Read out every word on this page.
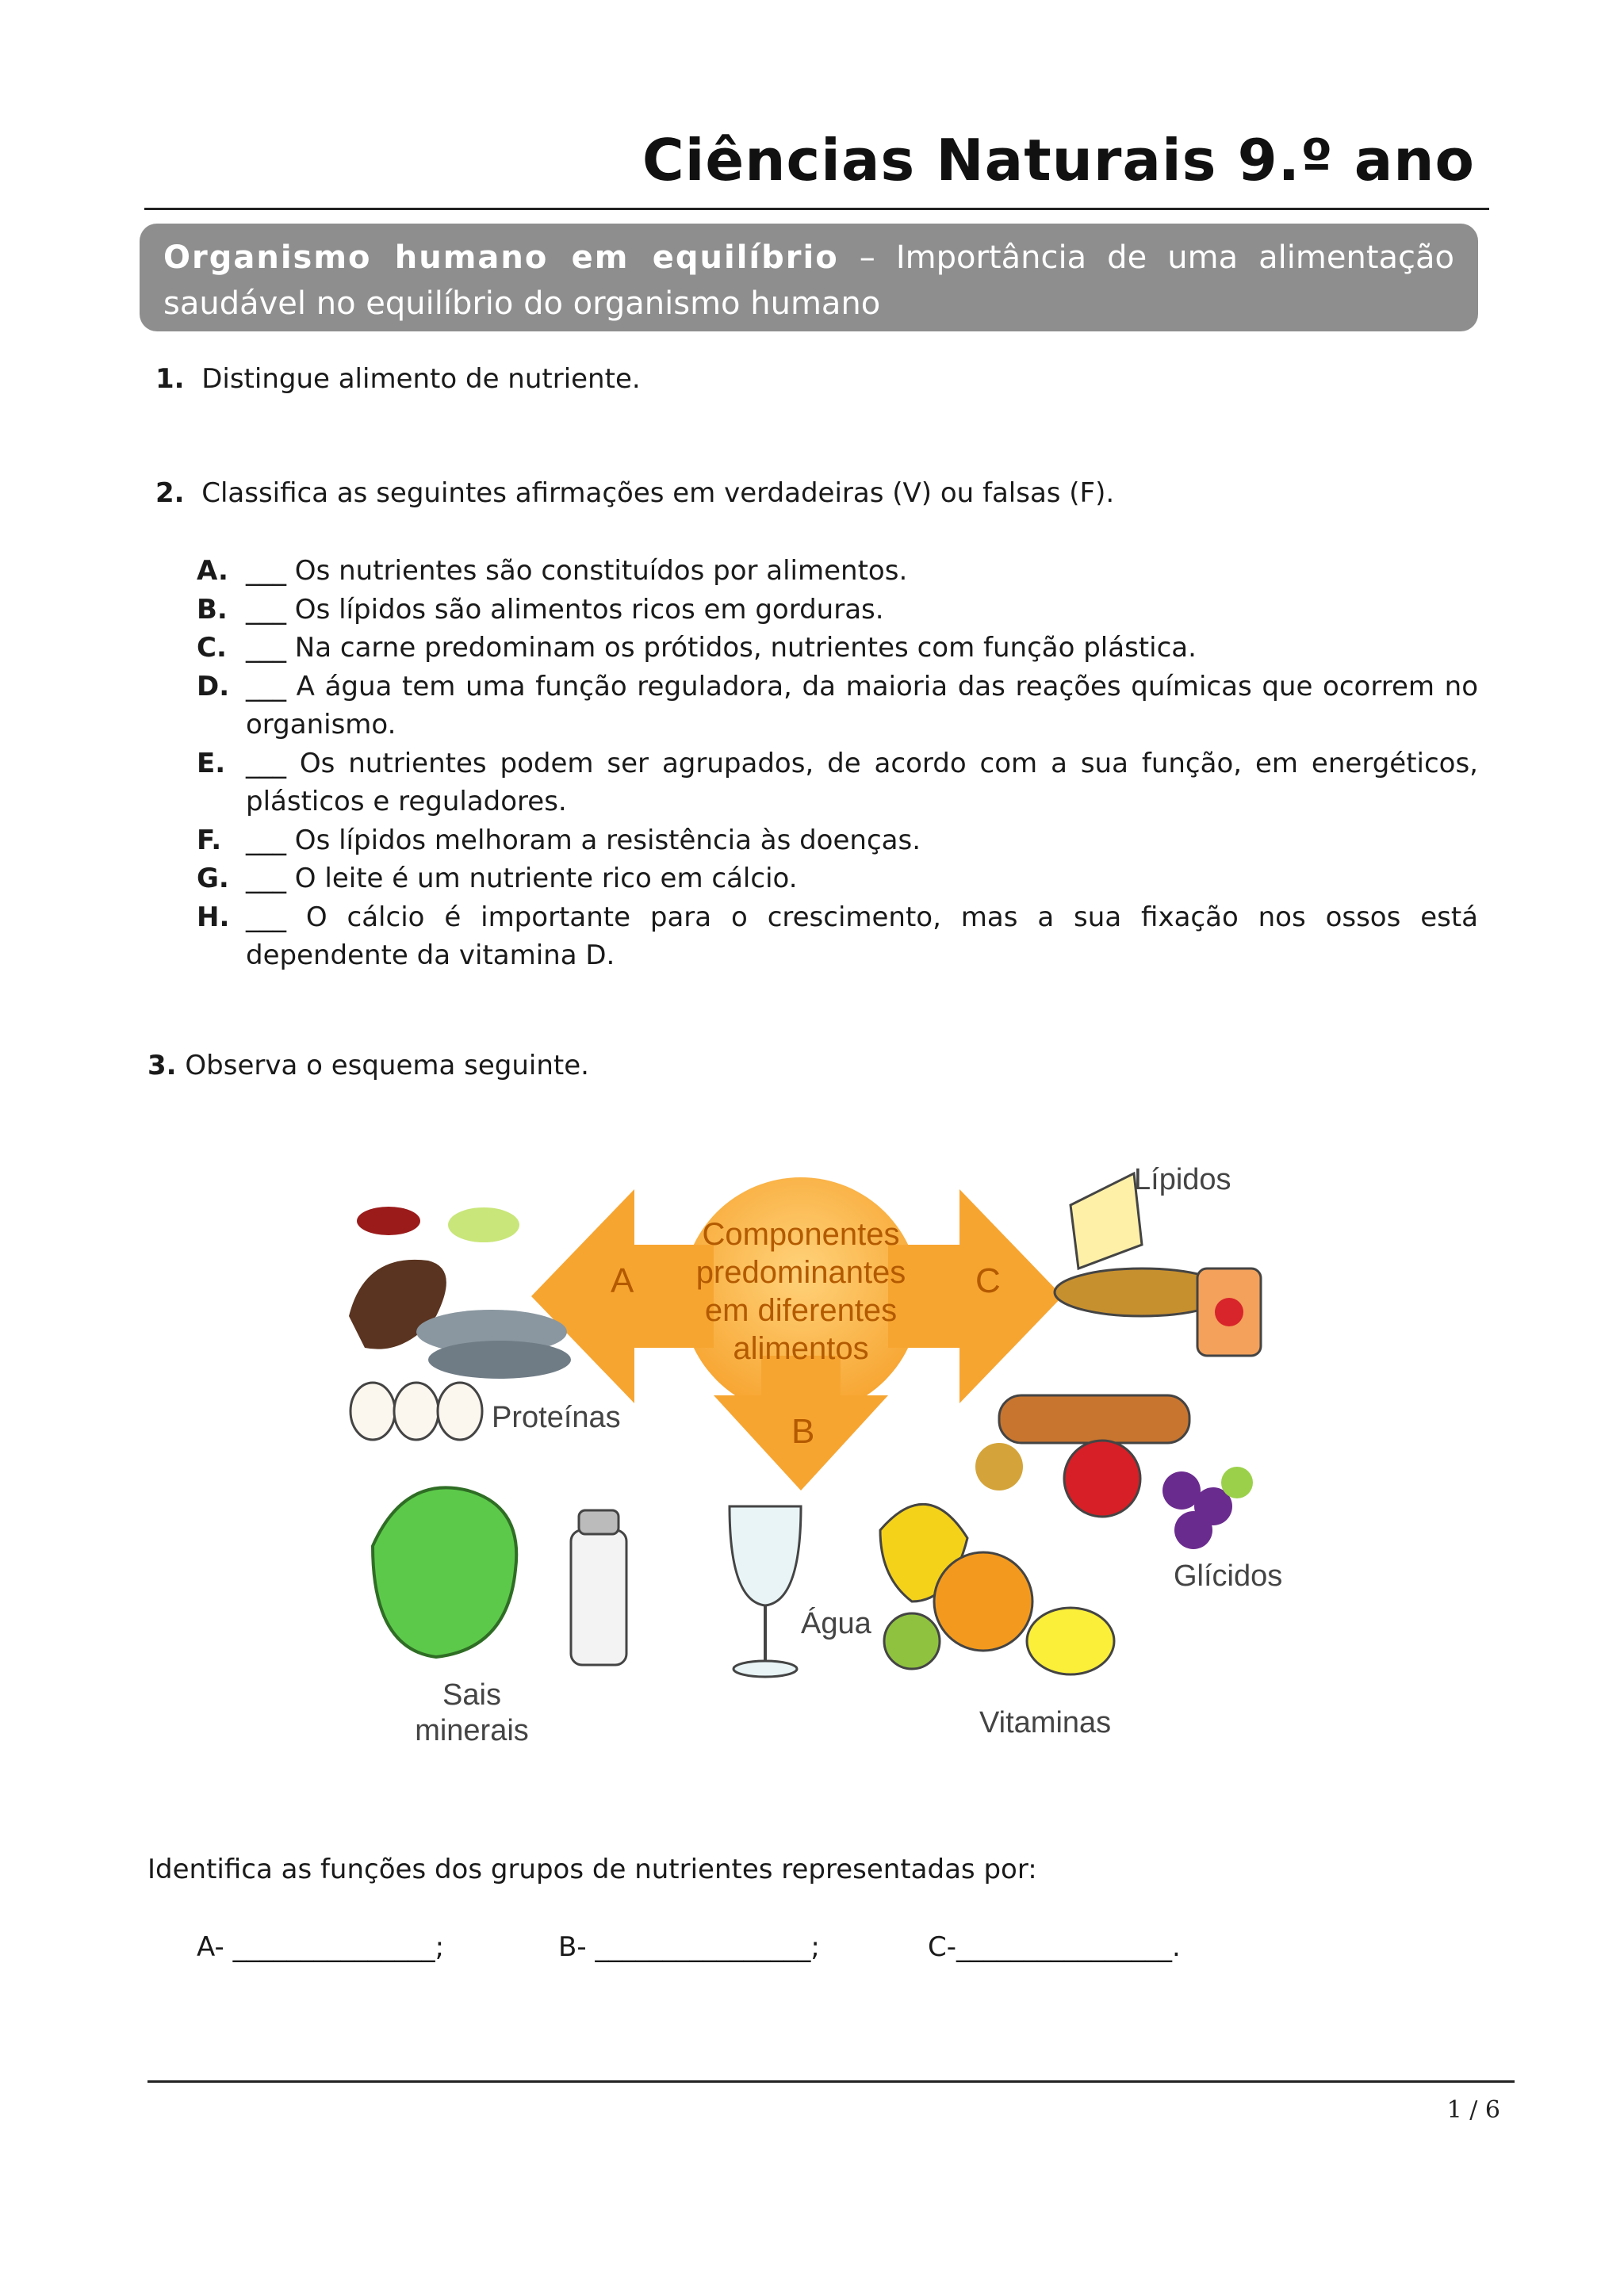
Ciências Naturais 9.º ano
Organismo humano em equilíbrio – Importância de uma alimentação saudável no equilíbrio do organismo humano
1. Distingue alimento de nutriente.
2. Classifica as seguintes afirmações em verdadeiras (V) ou falsas (F).
A. ___ Os nutrientes são constituídos por alimentos.
B. ___ Os lípidos são alimentos ricos em gorduras.
C. ___ Na carne predominam os prótidos, nutrientes com função plástica.
D. ___ A água tem uma função reguladora, da maioria das reações químicas que ocorrem no organismo.
E. ___ Os nutrientes podem ser agrupados, de acordo com a sua função, em energéticos, plásticos e reguladores.
F. ___ Os lípidos melhoram a resistência às doenças.
G. ___ O leite é um nutriente rico em cálcio.
H. ___ O cálcio é importante para o crescimento, mas a sua fixação nos ossos está dependente da vitamina D.
3. Observa o esquema seguinte.
A	C
B
Componentes
predominantes
em diferentes
alimentos
Proteínas
Lípidos
Glícidos
Vitaminas
Água
Sais
minerais
Identifica as funções dos grupos de nutrientes representadas por:
A- _______________;	B- ________________;	C-________________.
1 / 6
